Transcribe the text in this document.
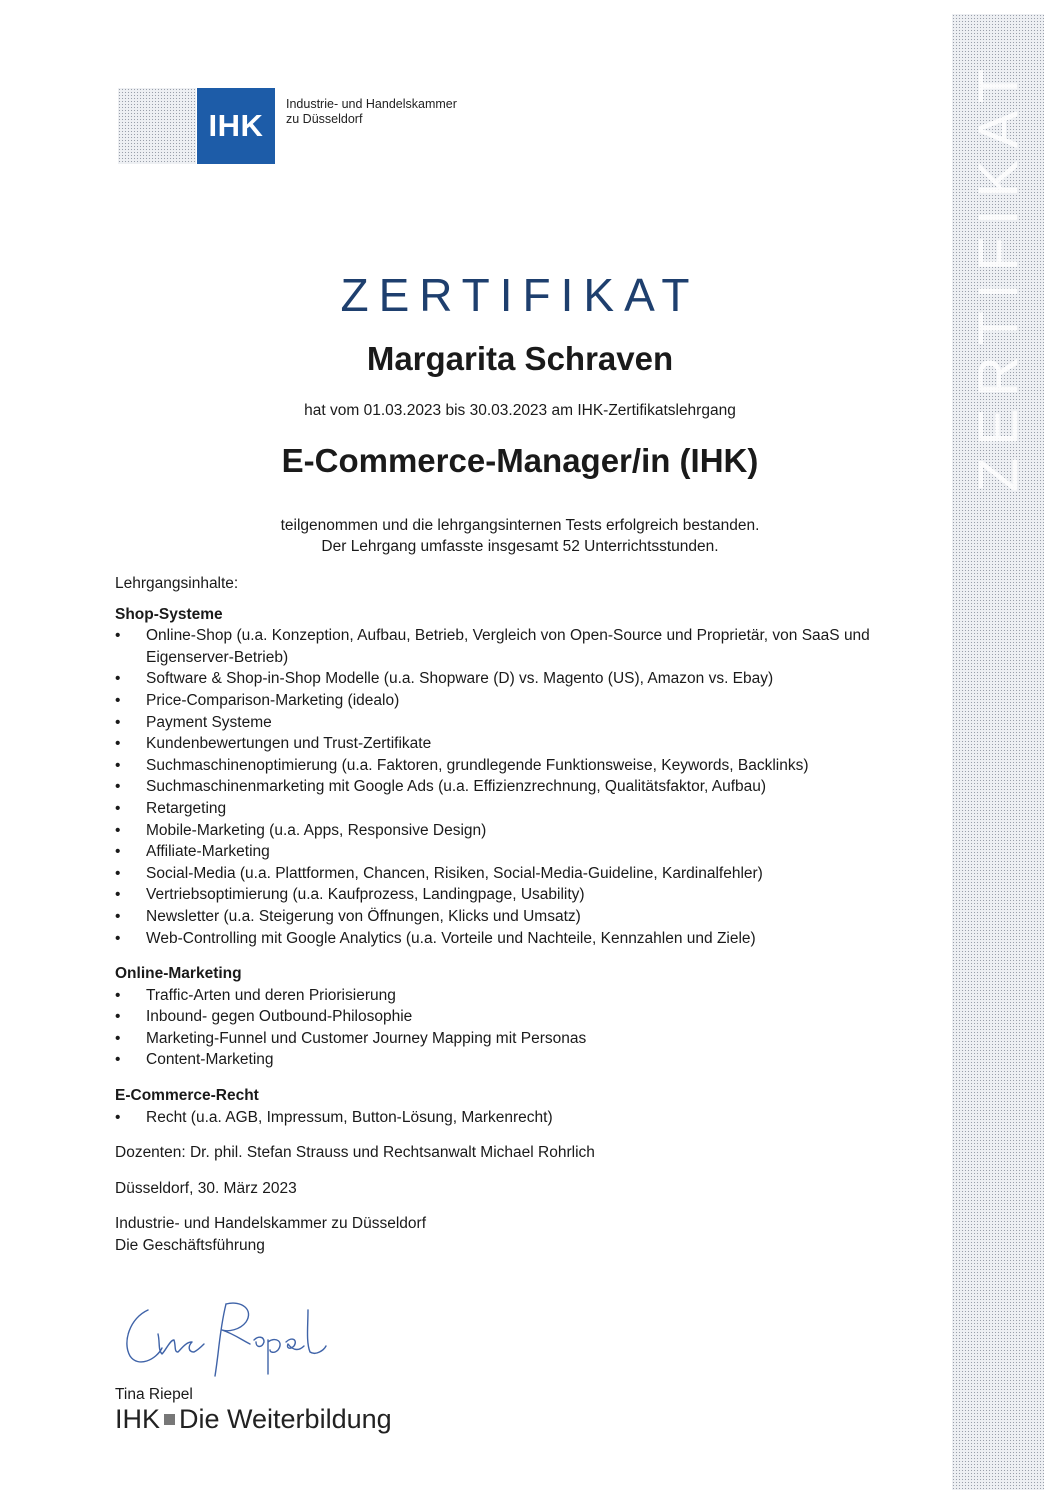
IHK
Industrie- und Handelskammer
zu Düsseldorf	ZERTIFIKAT
ZERTIFIKAT
Margarita Schraven
hat vom 01.03.2023 bis 30.03.2023 am IHK-Zertifikatslehrgang
E-Commerce-Manager/in (IHK)
teilgenommen und die lehrgangsinternen Tests erfolgreich bestanden.
Der Lehrgang umfasste insgesamt 52 Unterrichtsstunden.

Lehrgangsinhalte:

Shop-Systeme

• Online-Shop (u.a. Konzeption, Aufbau, Betrieb, Vergleich von Open-Source und Proprietär, von SaaS und Eigenserver-Betrieb)
• Software & Shop-in-Shop Modelle (u.a. Shopware (D) vs. Magento (US), Amazon vs. Ebay)
• Price-Comparison-Marketing (idealo)
• Payment Systeme
• Kundenbewertungen und Trust-Zertifikate
• Suchmaschinenoptimierung (u.a. Faktoren, grundlegende Funktionsweise, Keywords, Backlinks)
• Suchmaschinenmarketing mit Google Ads (u.a. Effizienzrechnung, Qualitätsfaktor, Aufbau)
• Retargeting
• Mobile-Marketing (u.a. Apps, Responsive Design)
• Affiliate-Marketing
• Social-Media (u.a. Plattformen, Chancen, Risiken, Social-Media-Guideline, Kardinalfehler)
• Vertriebsoptimierung (u.a. Kaufprozess, Landingpage, Usability)
• Newsletter (u.a. Steigerung von Öffnungen, Klicks und Umsatz)
• Web-Controlling mit Google Analytics (u.a. Vorteile und Nachteile, Kennzahlen und Ziele)

Online-Marketing

• Traffic-Arten und deren Priorisierung
• Inbound- gegen Outbound-Philosophie
• Marketing-Funnel und Customer Journey Mapping mit Personas
• Content-Marketing

E-Commerce-Recht

• Recht (u.a. AGB, Impressum, Button-Lösung, Markenrecht)

Dozenten: Dr. phil. Stefan Strauss und Rechtsanwalt Michael Rohrlich

Düsseldorf, 30. März 2023

Industrie- und Handelskammer zu Düsseldorf

Die Geschäftsführung

Tina Riepel
IHK Die Weiterbildung
